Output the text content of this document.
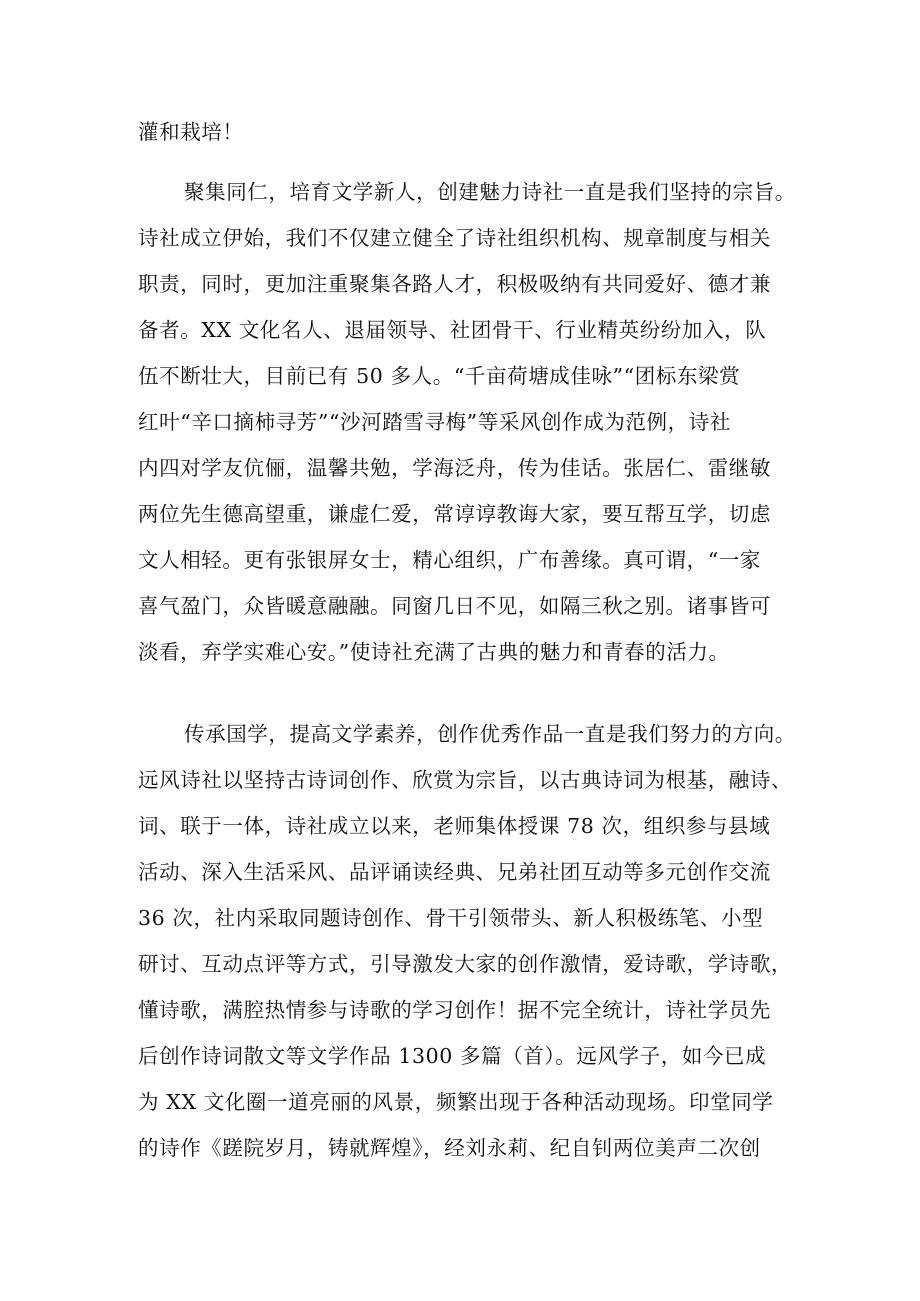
灌和栽培！
聚集同仁，培育文学新人，创建魅力诗社一直是我们坚持的宗旨。
诗社成立伊始，我们不仅建立健全了诗社组织机构、规章制度与相关
职责，同时，更加注重聚集各路人才，积极吸纳有共同爱好、德才兼
备者。XX 文化名人、退届领导、社团骨干、行业精英纷纷加入，队
伍不断壮大，目前已有 50 多人。“千亩荷塘成佳咏”“团标东梁赏
红叶“辛口摘柿寻芳”“沙河踏雪寻梅”等采风创作成为范例，诗社
内四对学友伉俪，温馨共勉，学海泛舟，传为佳话。张居仁、雷继敏
两位先生德高望重，谦虚仁爱，常谆谆教诲大家，要互帮互学，切虑
文人相轻。更有张银屏女士，精心组织，广布善缘。真可谓，“一家
喜气盈门，众皆暖意融融。同窗几日不见，如隔三秋之别。诸事皆可
淡看，弃学实难心安。”使诗社充满了古典的魅力和青春的活力。
传承国学，提高文学素养，创作优秀作品一直是我们努力的方向。
远风诗社以坚持古诗词创作、欣赏为宗旨，以古典诗词为根基，融诗、
词、联于一体，诗社成立以来，老师集体授课 78 次，组织参与县域
活动、深入生活采风、品评诵读经典、兄弟社团互动等多元创作交流
36 次，社内采取同题诗创作、骨干引领带头、新人积极练笔、小型
研讨、互动点评等方式，引导激发大家的创作激情，爱诗歌，学诗歌，
懂诗歌，满腔热情参与诗歌的学习创作！据不完全统计，诗社学员先
后创作诗词散文等文学作品 1300 多篇（首）。远风学子，如今已成
为 XX 文化圈一道亮丽的风景，频繁出现于各种活动现场。印堂同学
的诗作《蹉院岁月，铸就辉煌》，经刘永莉、纪自钊两位美声二次创
